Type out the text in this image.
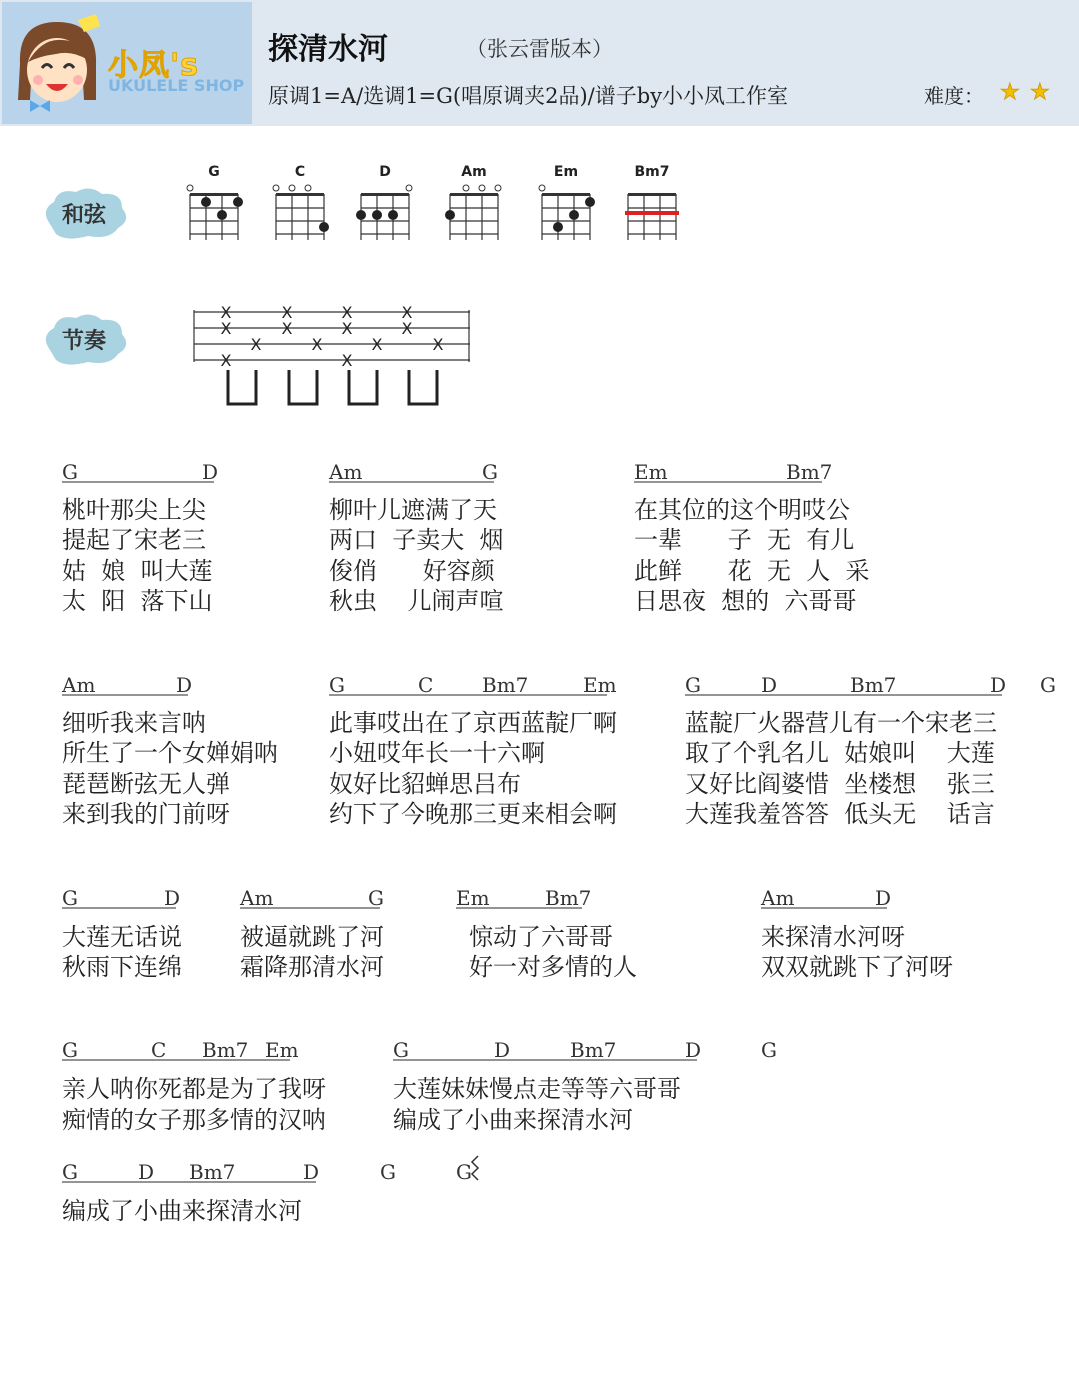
小凤's
UKULELE SHOP
探清水河	（张云雷版本）
原调1=A/选调1=G(唱原调夹2品)/谱子by小小凤工作室	难度： ★ ★
和弦
节奏
G	C	D	Am	Em	Bm7
X
X
X
X
X
X
X
X
X
X
X
X
X
X
G	D	Am	G	Em	Bm7
Am	D	G	C Bm7	Em	G	D	Bm7	D G
G	D	Am	G	Em	Bm7	Am	D
G	C Bm7 Em	G	D	Bm7	D	G
G	D Bm7	D	G	G
桃叶那尖上尖
提起了宋老三
姑  娘  叫大莲
太  阳  落下山
柳叶儿遮满了天
两口  子卖大  烟
俊俏      好容颜
秋虫    儿闹声喧
在其位的这个明哎公
一辈      子  无  有儿
此鲜      花  无  人  采
日思夜  想的  六哥哥
细听我来言呐
所生了一个女婵娟呐
琵琶断弦无人弹
来到我的门前呀
此事哎出在了京西蓝靛厂啊
小妞哎年长一十六啊
奴好比貂蝉思吕布
约下了今晚那三更来相会啊
蓝靛厂火器营儿有一个宋老三
取了个乳名儿  姑娘叫    大莲
又好比阎婆惜  坐楼想    张三
大莲我羞答答  低头无    话言
大莲无话说
秋雨下连绵
被逼就跳了河
霜降那清水河
惊动了六哥哥
好一对多情的人
来探清水河呀
双双就跳下了河呀
亲人呐你死都是为了我呀
痴情的女子那多情的汉呐
大莲妹妹慢点走等等六哥哥
编成了小曲来探清水河
编成了小曲来探清水河
